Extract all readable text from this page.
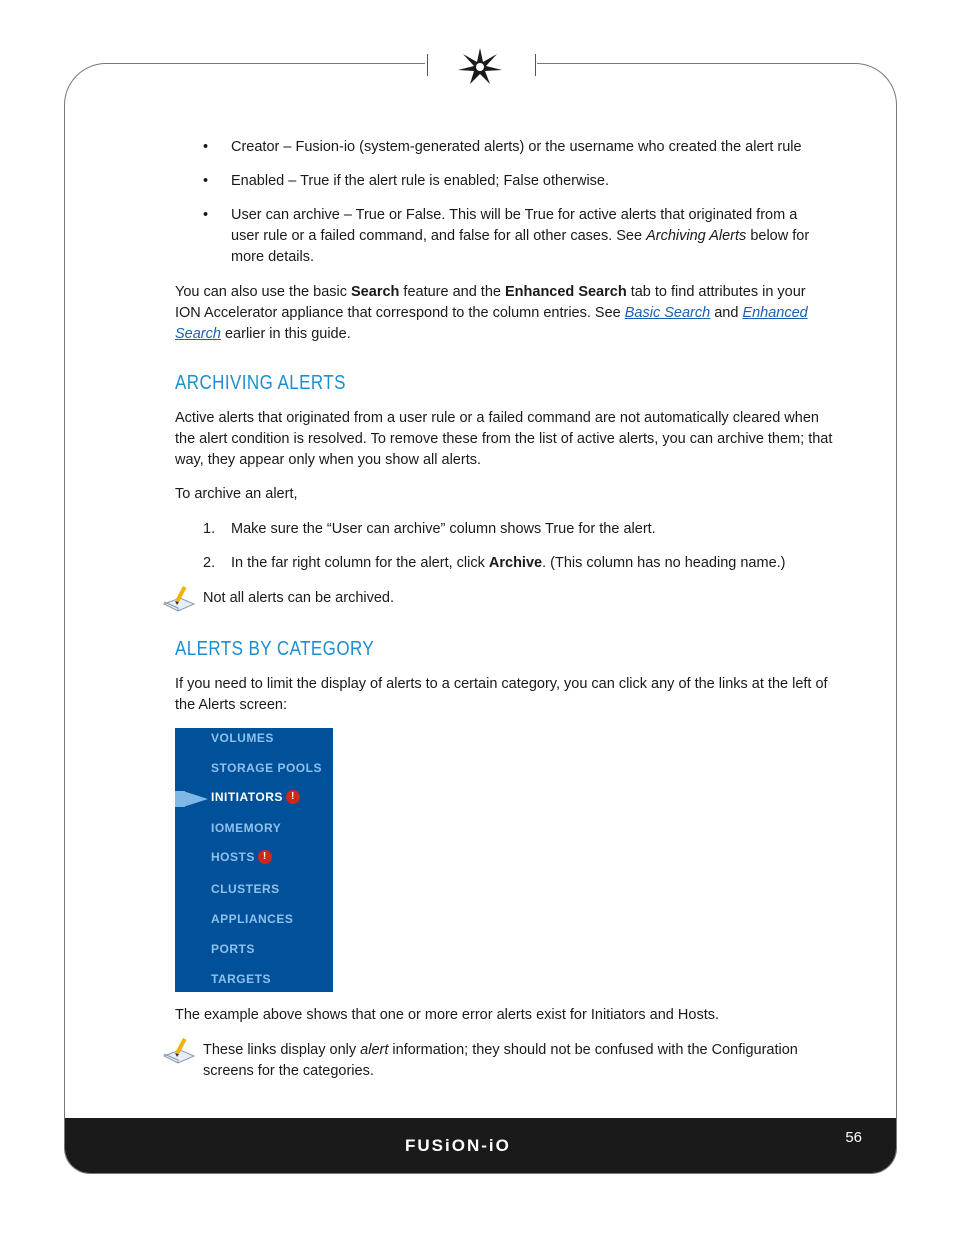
FUSiON-iO	56
• Creator – Fusion-io (system-generated alerts) or the username who created the alert rule
• Enabled – True if the alert rule is enabled; False otherwise.
• User can archive – True or False. This will be True for active alerts that originated from a user rule or a failed command, and false for all other cases. See Archiving Alerts below for more details.

You can also use the basic Search feature and the Enhanced Search tab to find attributes in your ION Accelerator appliance that correspond to the column entries. See Basic Search and Enhanced Search earlier in this guide.

ARCHIVING ALERTS

Active alerts that originated from a user rule or a failed command are not automatically cleared when the alert condition is resolved. To remove these from the list of active alerts, you can archive them; that way, they appear only when you show all alerts.

To archive an alert,

1. Make sure the “User can archive” column shows True for the alert.
2. In the far right column for the alert, click Archive. (This column has no heading name.)

Not all alerts can be archived.

ALERTS BY CATEGORY

If you need to limit the display of alerts to a certain category, you can click any of the links at the left of the Alerts screen:

VOLUMES
STORAGE POOLS
INITIATORS !
IOMEMORY
HOSTS !
CLUSTERS
APPLIANCES
PORTS
TARGETS

The example above shows that one or more error alerts exist for Initiators and Hosts.

These links display only alert information; they should not be confused with the Configuration screens for the categories.
